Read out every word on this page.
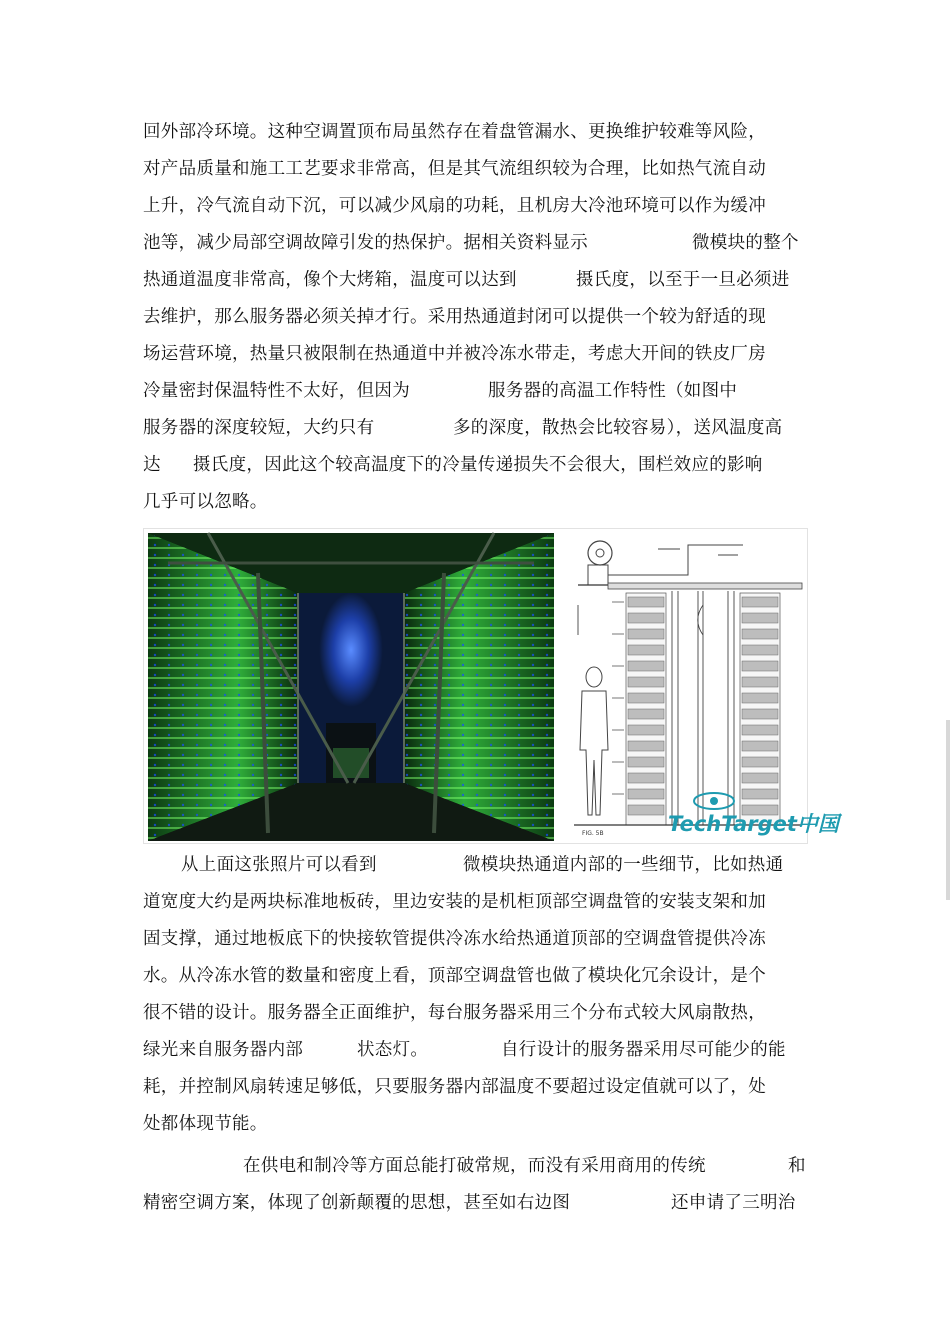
回外部冷环境。这种空调置顶布局虽然存在着盘管漏水、更换维护较难等风险，
对产品质量和施工工艺要求非常高，但是其气流组织较为合理，比如热气流自动
上升，冷气流自动下沉，可以减少风扇的功耗，且机房大冷池环境可以作为缓冲
池等，减少局部空调故障引发的热保护。据相关资料显示	微模块的整个
热通道温度非常高，像个大烤箱，温度可以达到	摄氏度，以至于一旦必须进
去维护，那么服务器必须关掉才行。采用热通道封闭可以提供一个较为舒适的现
场运营环境，热量只被限制在热通道中并被冷冻水带走，考虑大开间的铁皮厂房
冷量密封保温特性不太好，但因为	服务器的高温工作特性（如图中
服务器的深度较短，大约只有	多的深度，散热会比较容易），送风温度高
达 摄氏度，因此这个较高温度下的冷量传递损失不会很大，围栏效应的影响
几乎可以忽略。
FIG. 5B	TechTarget中国
从上面这张照片可以看到	微模块热通道内部的一些细节，比如热通
道宽度大约是两块标准地板砖，里边安装的是机柜顶部空调盘管的安装支架和加
固支撑，通过地板底下的快接软管提供冷冻水给热通道顶部的空调盘管提供冷冻
水。从冷冻水管的数量和密度上看，顶部空调盘管也做了模块化冗余设计，是个
很不错的设计。服务器全正面维护，每台服务器采用三个分布式较大风扇散热，
绿光来自服务器内部	状态灯。	自行设计的服务器采用尽可能少的能
耗，并控制风扇转速足够低，只要服务器内部温度不要超过设定值就可以了，处
处都体现节能。
在供电和制冷等方面总能打破常规，而没有采用商用的传统	和
精密空调方案，体现了创新颠覆的思想，甚至如右边图	还申请了三明治
